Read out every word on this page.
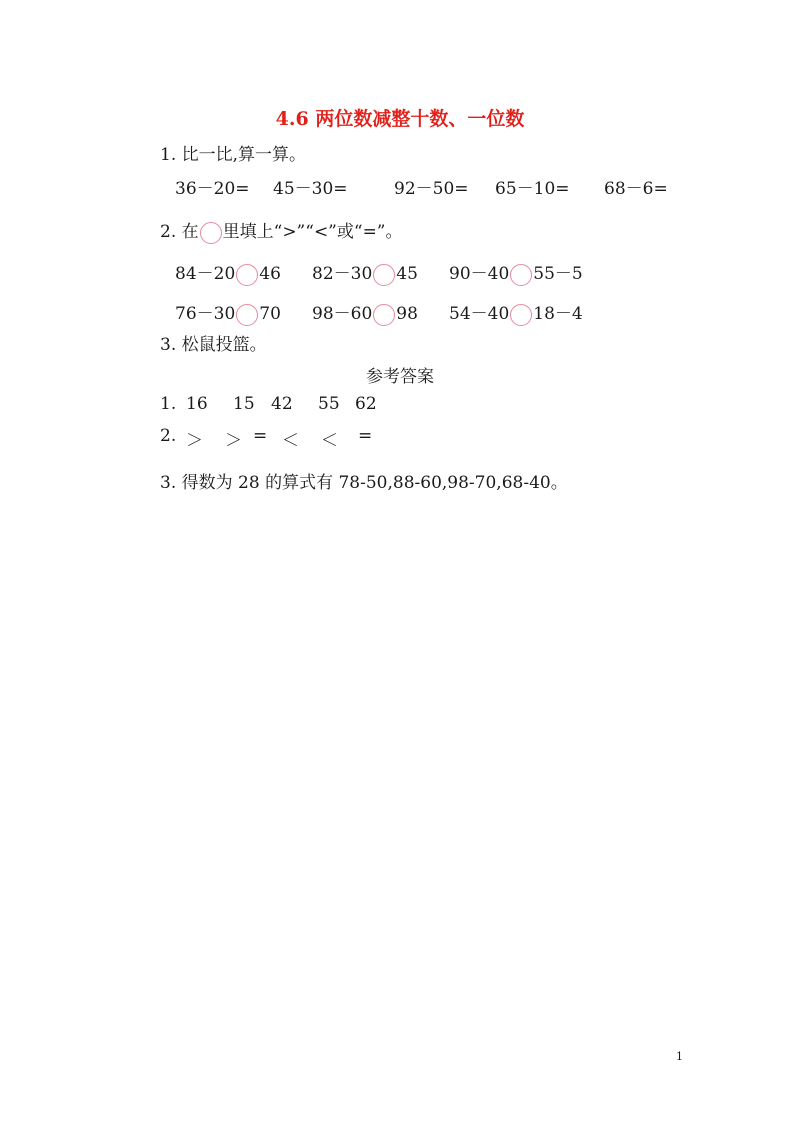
4.6 两位数减整十数、一位数
1. 比一比,算一算。
36－20= 45－30=	92－50= 65－10= 68－6=
2. 在 里填上“>”“<”或“=”。
84－20 46 82－30 45 90－40 55－5
76－30 70 98－60 98 54－40 18－4
3. 松鼠投篮。
参考答案
1. 16 15 42 55 62
2. ＞ ＞ = ＜ ＜ =
3. 得数为 28 的算式有 78-50,88-60,98-70,68-40。
1
